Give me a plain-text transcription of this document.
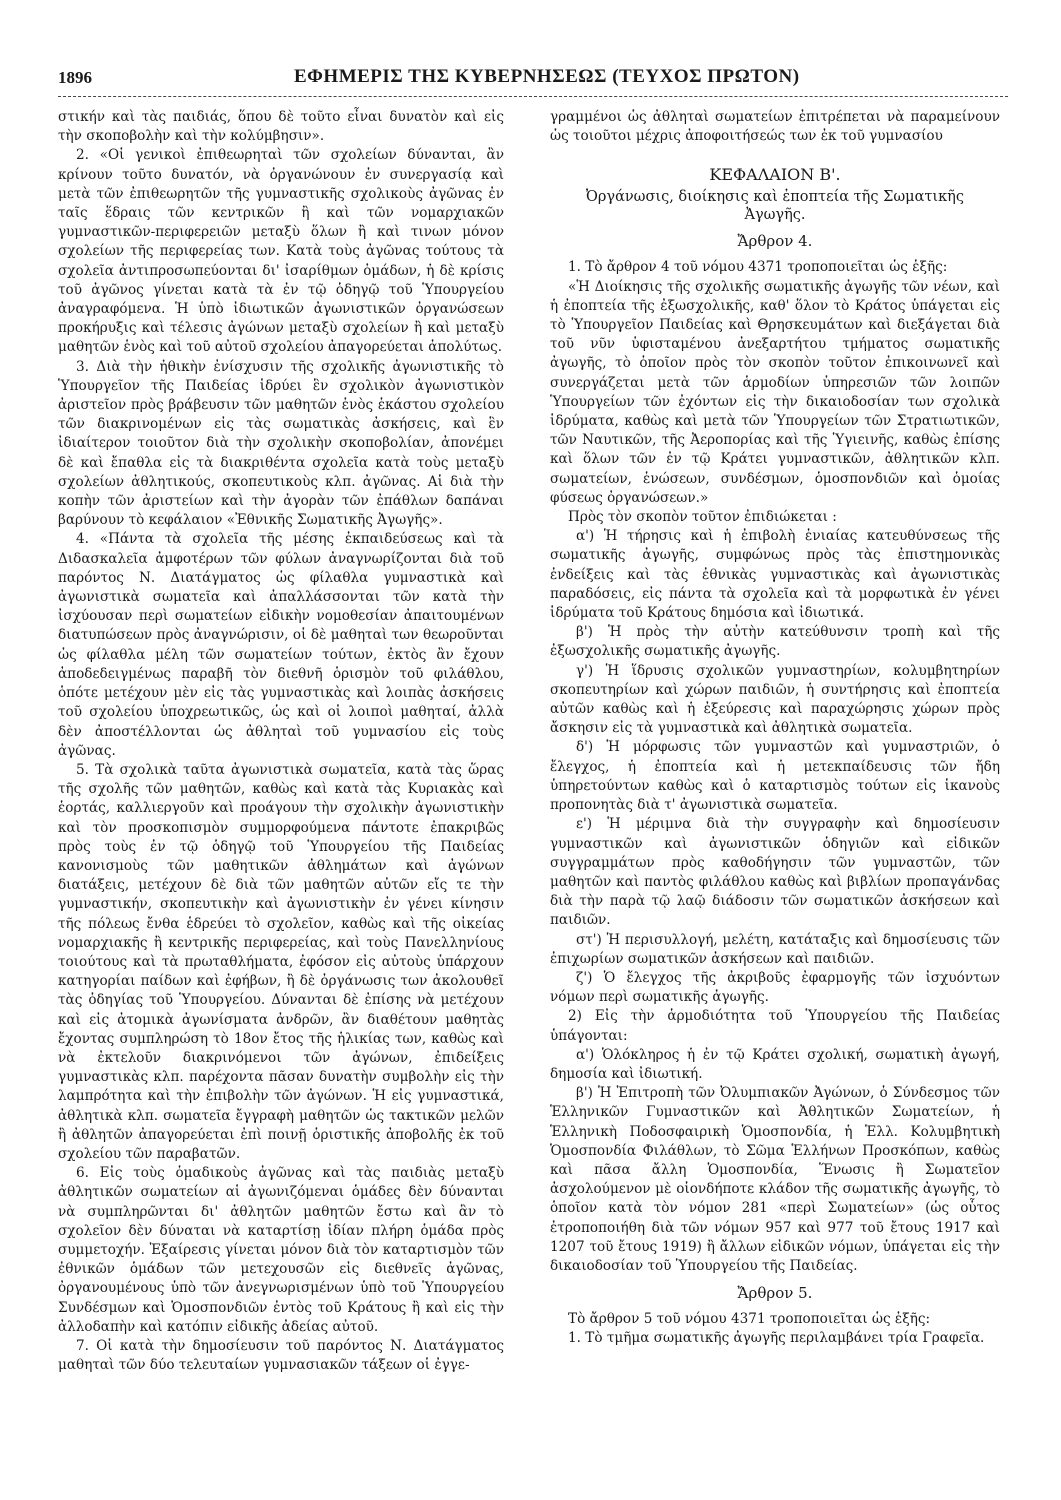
1896	ΕΦΗΜΕΡΙΣ ΤΗΣ ΚΥΒΕΡΝΗΣΕΩΣ (ΤΕΥΧΟΣ ΠΡΩΤΟΝ)

στικήν καὶ τὰς παιδιάς, ὅπου δὲ τοῦτο εἶναι δυνατὸν καὶ εἰς τὴν σκοποβολὴν καὶ τὴν κολύμβησιν».

2. «Οἱ γενικοὶ ἐπιθεωρηταὶ τῶν σχολείων δύνανται, ἂν κρίνουν τοῦτο δυνατόν, νὰ ὀργανώνουν ἐν συνεργασίᾳ καὶ μετὰ τῶν ἐπιθεωρητῶν τῆς γυμναστικῆς σχολικοὺς ἀγῶνας ἐν ταῖς ἕδραις τῶν κεντρικῶν ἢ καὶ τῶν νομαρχιακῶν γυμναστικῶν-περιφερειῶν μεταξὺ ὅλων ἢ καὶ τινων μόνον σχολείων τῆς περιφερείας των. Κατὰ τοὺς ἀγῶνας τούτους τὰ σχολεῖα ἀντιπροσωπεύονται δι' ἰσαρίθμων ὁμάδων, ἡ δὲ κρίσις τοῦ ἀγῶνος γίνεται κατὰ τὰ ἐν τῷ ὁδηγῷ τοῦ Ὑπουργείου ἀναγραφόμενα. Ἡ ὑπὸ ἰδιωτικῶν ἀγωνιστικῶν ὀργανώσεων προκήρυξις καὶ τέλεσις ἀγώνων μεταξὺ σχολείων ἢ καὶ μεταξὺ μαθητῶν ἑνὸς καὶ τοῦ αὐτοῦ σχολείου ἀπαγορεύεται ἀπολύτως.

3. Διὰ τὴν ἠθικὴν ἐνίσχυσιν τῆς σχολικῆς ἀγωνιστικῆς τὸ Ὑπουργεῖον τῆς Παιδείας ἱδρύει ἓν σχολικὸν ἀγωνιστικὸν ἀριστεῖον πρὸς βράβευσιν τῶν μαθητῶν ἑνὸς ἑκάστου σχολείου τῶν διακρινομένων εἰς τὰς σωματικὰς ἀσκήσεις, καὶ ἓν ἰδιαίτερον τοιοῦτον διὰ τὴν σχολικὴν σκοποβολίαν, ἀπονέμει δὲ καὶ ἔπαθλα εἰς τὰ διακριθέντα σχολεῖα κατὰ τοὺς μεταξὺ σχολείων ἀθλητικούς, σκοπευτικοὺς κλπ. ἀγῶνας. Αἱ διὰ τὴν κοπὴν τῶν ἀριστείων καὶ τὴν ἀγορὰν τῶν ἐπάθλων δαπάναι βαρύνουν τὸ κεφάλαιον «Ἐθνικῆς Σωματικῆς Ἀγωγῆς».

4. «Πάντα τὰ σχολεῖα τῆς μέσης ἐκπαιδεύσεως καὶ τὰ Διδασκαλεῖα ἀμφοτέρων τῶν φύλων ἀναγνωρίζονται διὰ τοῦ παρόντος Ν. Διατάγματος ὡς φίλαθλα γυμναστικὰ καὶ ἀγωνιστικὰ σωματεῖα καὶ ἀπαλλάσσονται τῶν κατὰ τὴν ἰσχύουσαν περὶ σωματείων εἰδικὴν νομοθεσίαν ἀπαιτουμένων διατυπώσεων πρὸς ἀναγνώρισιν, οἱ δὲ μαθηταὶ των θεωροῦνται ὡς φίλαθλα μέλη τῶν σωματείων τούτων, ἐκτὸς ἂν ἔχουν ἀποδεδειγμένως παραβῆ τὸν διεθνῆ ὁρισμὸν τοῦ φιλάθλου, ὁπότε μετέχουν μὲν εἰς τὰς γυμναστικὰς καὶ λοιπὰς ἀσκήσεις τοῦ σχολείου ὑποχρεωτικῶς, ὡς καὶ οἱ λοιποὶ μαθηταί, ἀλλὰ δὲν ἀποστέλλονται ὡς ἀθληταὶ τοῦ γυμνασίου εἰς τοὺς ἀγῶνας.

5. Τὰ σχολικὰ ταῦτα ἀγωνιστικὰ σωματεῖα, κατὰ τὰς ὥρας τῆς σχολῆς τῶν μαθητῶν, καθὼς καὶ κατὰ τὰς Κυριακὰς καὶ ἑορτάς, καλλιεργοῦν καὶ προάγουν τὴν σχολικὴν ἀγωνιστικὴν καὶ τὸν προσκοπισμὸν συμμορφούμενα πάντοτε ἐπακριβῶς πρὸς τοὺς ἐν τῷ ὁδηγῷ τοῦ Ὑπουργείου τῆς Παιδείας κανονισμοὺς τῶν μαθητικῶν ἀθλημάτων καὶ ἀγώνων διατάξεις, μετέχουν δὲ διὰ τῶν μαθητῶν αὐτῶν εἴς τε τὴν γυμναστικήν, σκοπευτικὴν καὶ ἀγωνιστικὴν ἐν γένει κίνησιν τῆς πόλεως ἔνθα ἑδρεύει τὸ σχολεῖον, καθὼς καὶ τῆς οἰκείας νομαρχιακῆς ἢ κεντρικῆς περιφερείας, καὶ τοὺς Πανελληνίους τοιούτους καὶ τὰ πρωταθλήματα, ἐφόσον εἰς αὐτοὺς ὑπάρχουν κατηγορίαι παίδων καὶ ἐφήβων, ἢ δὲ ὀργάνωσις των ἀκολουθεῖ τὰς ὁδηγίας τοῦ Ὑπουργείου. Δύνανται δὲ ἐπίσης νὰ μετέχουν καὶ εἰς ἀτομικὰ ἀγωνίσματα ἀνδρῶν, ἂν διαθέτουν μαθητὰς ἔχοντας συμπληρώση τὸ 18ον ἔτος τῆς ἡλικίας των, καθὼς καὶ νὰ ἐκτελοῦν διακρινόμενοι τῶν ἀγώνων, ἐπιδείξεις γυμναστικὰς κλπ. παρέχοντα πᾶσαν δυνατὴν συμβολὴν εἰς τὴν λαμπρότητα καὶ τὴν ἐπιβολὴν τῶν ἀγώνων. Ἡ εἰς γυμναστικά, ἀθλητικὰ κλπ. σωματεῖα ἔγγραφὴ μαθητῶν ὡς τακτικῶν μελῶν ἢ ἀθλητῶν ἀπαγορεύεται ἐπὶ ποινῇ ὁριστικῆς ἀποβολῆς ἐκ τοῦ σχολείου τῶν παραβατῶν.

6. Εἰς τοὺς ὁμαδικοὺς ἀγῶνας καὶ τὰς παιδιὰς μεταξὺ ἀθλητικῶν σωματείων αἱ ἀγωνιζόμεναι ὁμάδες δὲν δύνανται νὰ συμπληρῶνται δι' ἀθλητῶν μαθητῶν ἔστω καὶ ἂν τὸ σχολεῖον δὲν δύναται νὰ καταρτίσῃ ἰδίαν πλήρη ὁμάδα πρὸς συμμετοχήν. Ἐξαίρεσις γίνεται μόνον διὰ τὸν καταρτισμὸν τῶν ἐθνικῶν ὁμάδων τῶν μετεχουσῶν εἰς διεθνεῖς ἀγῶνας, ὀργανουμένους ὑπὸ τῶν ἀνεγνωρισμένων ὑπὸ τοῦ Ὑπουργείου Συνδέσμων καὶ Ὁμοσπονδιῶν ἐντὸς τοῦ Κράτους ἢ καὶ εἰς τὴν ἀλλοδαπὴν καὶ κατόπιν εἰδικῆς ἀδείας αὐτοῦ.

7. Οἱ κατὰ τὴν δημοσίευσιν τοῦ παρόντος Ν. Διατάγματος μαθηταὶ τῶν δύο τελευταίων γυμνασιακῶν τάξεων οἱ ἐγγε-

γραμμένοι ὡς ἀθληταὶ σωματείων ἐπιτρέπεται νὰ παραμείνουν ὡς τοιοῦτοι μέχρις ἀποφοιτήσεώς των ἐκ τοῦ γυμνασίου

ΚΕΦΑΛΑΙΟΝ Β'.
Ὀργάνωσις, διοίκησις καὶ ἐποπτεία τῆς Σωματικῆς Ἀγωγῆς.
Ἄρθρον 4.

1. Τὸ ἄρθρον 4 τοῦ νόμου 4371 τροποποιεῖται ὡς ἑξῆς:

«Ἡ Διοίκησις τῆς σχολικῆς σωματικῆς ἀγωγῆς τῶν νέων, καὶ ἡ ἐποπτεία τῆς ἐξωσχολικῆς, καθ' ὅλον τὸ Κράτος ὑπάγεται εἰς τὸ Ὑπουργεῖον Παιδείας καὶ Θρησκευμάτων καὶ διεξάγεται διὰ τοῦ νῦν ὑφισταμένου ἀνεξαρτήτου τμήματος σωματικῆς ἀγωγῆς, τὸ ὁποῖον πρὸς τὸν σκοπὸν τοῦτον ἐπικοινωνεῖ καὶ συνεργάζεται μετὰ τῶν ἁρμοδίων ὑπηρεσιῶν τῶν λοιπῶν Ὑπουργείων τῶν ἐχόντων εἰς τὴν δικαιοδοσίαν των σχολικὰ ἱδρύματα, καθὼς καὶ μετὰ τῶν Ὑπουργείων τῶν Στρατιωτικῶν, τῶν Ναυτικῶν, τῆς Ἀεροπορίας καὶ τῆς Ὑγιεινῆς, καθὼς ἐπίσης καὶ ὅλων τῶν ἐν τῷ Κράτει γυμναστικῶν, ἀθλητικῶν κλπ. σωματείων, ἑνώσεων, συνδέσμων, ὁμοσπονδιῶν καὶ ὁμοίας φύσεως ὀργανώσεων.»

Πρὸς τὸν σκοπὸν τοῦτον ἐπιδιώκεται :

α') Ἡ τήρησις καὶ ἡ ἐπιβολὴ ἑνιαίας κατευθύνσεως τῆς σωματικῆς ἀγωγῆς, συμφώνως πρὸς τὰς ἐπιστημονικὰς ἐνδείξεις καὶ τὰς ἐθνικὰς γυμναστικὰς καὶ ἀγωνιστικὰς παραδόσεις, εἰς πάντα τὰ σχολεῖα καὶ τὰ μορφωτικὰ ἐν γένει ἱδρύματα τοῦ Κράτους δημόσια καὶ ἰδιωτικά.

β') Ἡ πρὸς τὴν αὐτὴν κατεύθυνσιν τροπὴ καὶ τῆς ἐξωσχολικῆς σωματικῆς ἀγωγῆς.

γ') Ἡ ἵδρυσις σχολικῶν γυμναστηρίων, κολυμβητηρίων σκοπευτηρίων καὶ χώρων παιδιῶν, ἡ συντήρησις καὶ ἐποπτεία αὐτῶν καθὼς καὶ ἡ ἐξεύρεσις καὶ παραχώρησις χώρων πρὸς ἄσκησιν εἰς τὰ γυμναστικὰ καὶ ἀθλητικὰ σωματεῖα.

δ') Ἡ μόρφωσις τῶν γυμναστῶν καὶ γυμναστριῶν, ὁ ἔλεγχος, ἡ ἐποπτεία καὶ ἡ μετεκπαίδευσις τῶν ἤδη ὑπηρετούντων καθὼς καὶ ὁ καταρτισμὸς τούτων εἰς ἱκανοὺς προπονητὰς διὰ τ' ἀγωνιστικὰ σωματεῖα.

ε') Ἡ μέριμνα διὰ τὴν συγγραφὴν καὶ δημοσίευσιν γυμναστικῶν καὶ ἀγωνιστικῶν ὁδηγιῶν καὶ εἰδικῶν συγγραμμάτων πρὸς καθοδήγησιν τῶν γυμναστῶν, τῶν μαθητῶν καὶ παντὸς φιλάθλου καθὼς καὶ βιβλίων προπαγάνδας διὰ τὴν παρὰ τῷ λαῷ διάδοσιν τῶν σωματικῶν ἀσκήσεων καὶ παιδιῶν.

στ') Ἡ περισυλλογή, μελέτη, κατάταξις καὶ δημοσίευσις τῶν ἐπιχωρίων σωματικῶν ἀσκήσεων καὶ παιδιῶν.

ζ') Ὁ ἔλεγχος τῆς ἀκριβοῦς ἐφαρμογῆς τῶν ἰσχυόντων νόμων περὶ σωματικῆς ἀγωγῆς.

2) Εἰς τὴν ἁρμοδιότητα τοῦ Ὑπουργείου τῆς Παιδείας ὑπάγονται:

α') Ὁλόκληρος ἡ ἐν τῷ Κράτει σχολική, σωματικὴ ἀγωγή, δημοσία καὶ ἰδιωτική.

β') Ἡ Ἐπιτροπὴ τῶν Ὀλυμπιακῶν Ἀγώνων, ὁ Σύνδεσμος τῶν Ἑλληνικῶν Γυμναστικῶν καὶ Ἀθλητικῶν Σωματείων, ἡ Ἑλληνικὴ Ποδοσφαιρικὴ Ὁμοσπονδία, ἡ Ἑλλ. Κολυμβητικὴ Ὁμοσπονδία Φιλάθλων, τὸ Σῶμα Ἑλλήνων Προσκόπων, καθὼς καὶ πᾶσα ἄλλη Ὁμοσπονδία, Ἕνωσις ἢ Σωματεῖον ἀσχολούμενον μὲ οἱονδήποτε κλάδον τῆς σωματικῆς ἀγωγῆς, τὸ ὁποῖον κατὰ τὸν νόμον 281 «περὶ Σωματείων» (ὡς οὗτος ἐτροποποιήθη διὰ τῶν νόμων 957 καὶ 977 τοῦ ἔτους 1917 καὶ 1207 τοῦ ἔτους 1919) ἢ ἄλλων εἰδικῶν νόμων, ὑπάγεται εἰς τὴν δικαιοδοσίαν τοῦ Ὑπουργείου τῆς Παιδείας.

Ἄρθρον 5.

Τὸ ἄρθρον 5 τοῦ νόμου 4371 τροποποιεῖται ὡς ἑξῆς:

1. Τὸ τμῆμα σωματικῆς ἀγωγῆς περιλαμβάνει τρία Γραφεῖα.
